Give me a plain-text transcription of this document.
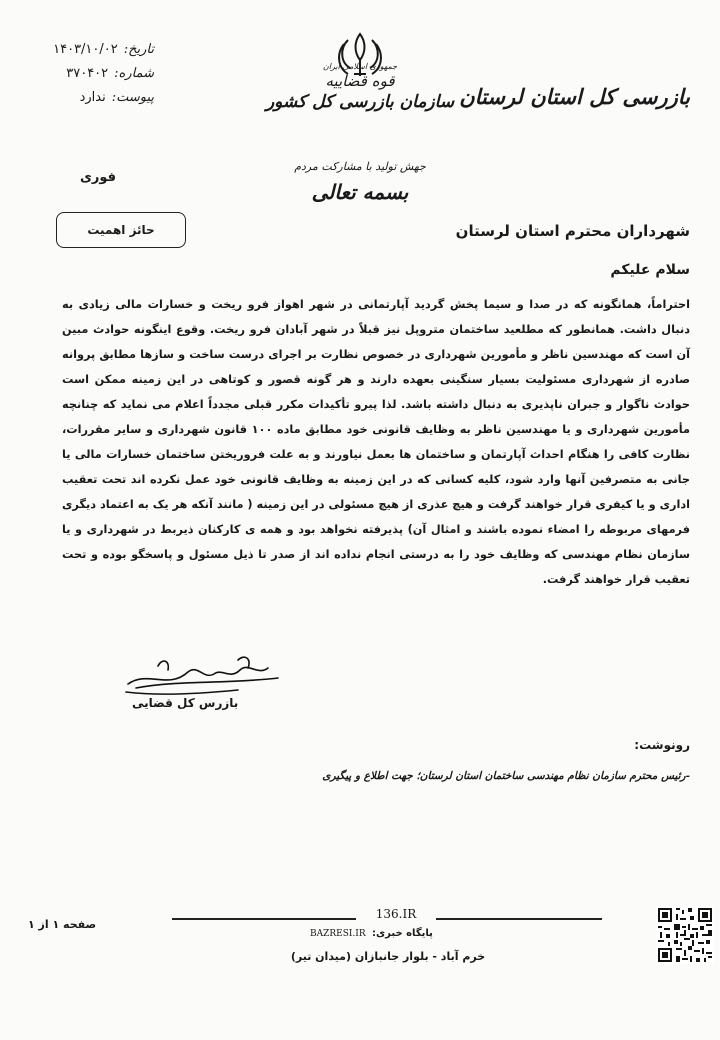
تاریخ:
۱۴۰۳/۱۰/۰۲
شماره:
۳۷۰۴۰۲
پیوست:
ندارد
جمهوری اسلامی ایران
قوه قضاییه
سازمان بازرسی کل کشور
جهش تولید با مشارکت مردم
بسمه تعالی
بازرسی کل استان لرستان
فوری
حائز اهمیت	شهرداران محترم استان لرستان
سلام علیکم
احتراماً، همانگونه که در صدا و سیما پخش گردید آپارتمانی در شهر اهواز فرو ریخت و خسارات مالی زیادی به دنبال داشت. همانطور که مطلعید ساختمان متروپل نیز قبلاً در شهر آبادان فرو ریخت. وقوع اینگونه حوادث مبین آن است که مهندسین ناظر و مأمورین شهرداری در خصوص نظارت بر اجرای درست ساخت و سازها مطابق پروانه صادره از شهرداری مسئولیت بسیار سنگینی بعهده دارند و هر گونه قصور و کوتاهی در این زمینه ممکن است حوادث ناگوار و جبران ناپذیری به دنبال داشته باشد. لذا پیرو تأکیدات مکرر قبلی مجدداً اعلام می نماید که چنانچه مأمورین شهرداری و یا مهندسین ناظر به وظایف قانونی خود مطابق ماده ۱۰۰ قانون شهرداری و سایر مقررات، نظارت کافی را هنگام احداث آپارتمان و ساختمان ها بعمل نیاورند و به علت فروریختن ساختمان خسارات مالی یا جانی به متصرفین آنها وارد شود، کلیه کسانی که در این زمینه به وظایف قانونی خود عمل نکرده اند تحت تعقیب اداری و یا کیفری قرار خواهند گرفت و هیچ عذری از هیچ مسئولی در این زمینه ( مانند آنکه هر یک به اعتماد دیگری فرمهای مربوطه را امضاء نموده باشند و امثال آن) پذیرفته نخواهد بود و همه ی کارکنان ذیربط در شهرداری و یا سازمان نظام مهندسی که وظایف خود را به درستی انجام نداده اند از صدر تا ذیل مسئول و پاسخگو بوده و تحت تعقیب قرار خواهند گرفت.
بازرس کل قضایی
رونوشت:
-رئیس محترم سازمان نظام مهندسی ساختمان استان لرستان؛ جهت اطلاع و پیگیری
صفحه ۱ از ۱
136.IR
پایگاه خبری:
BAZRESI.IR
خرم آباد - بلوار جانبازان (میدان تیر)
